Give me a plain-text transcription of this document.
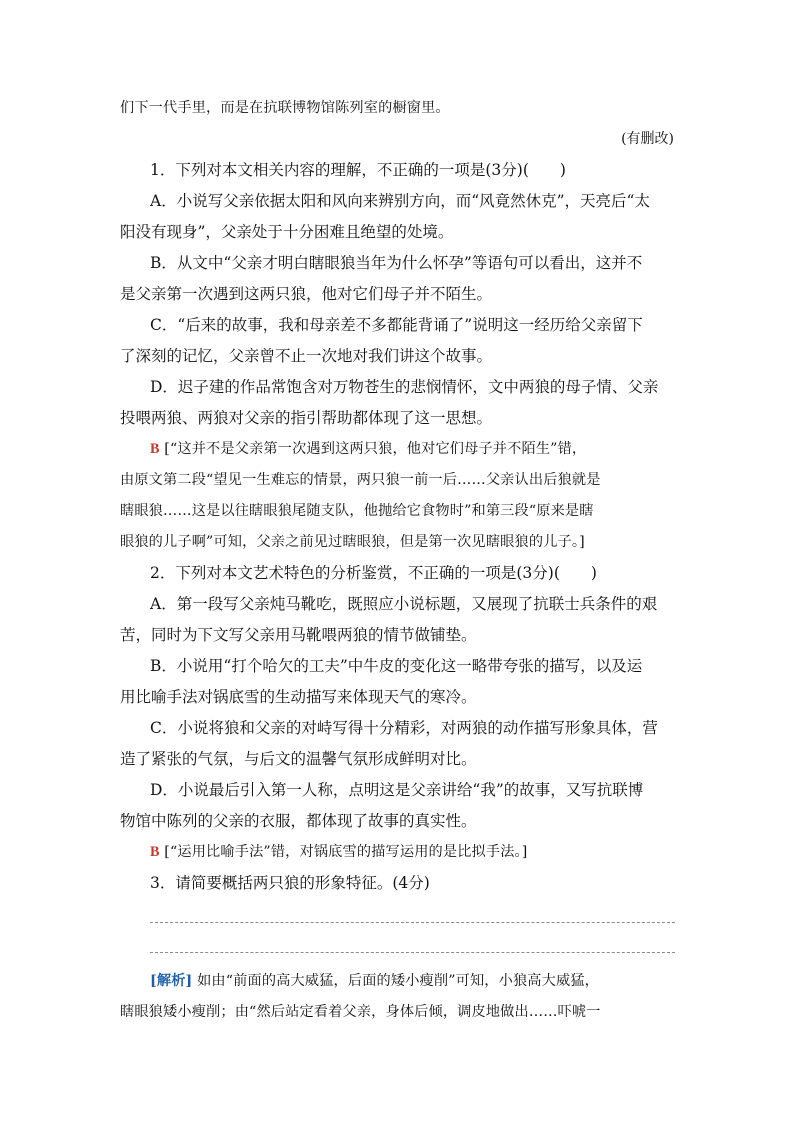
们下一代手里，而是在抗联博物馆陈列室的橱窗里。
(有删改)
1．下列对本文相关内容的理解，不正确的一项是(3分)(　　)
A．小说写父亲依据太阳和风向来辨别方向，而“风竟然休克”，天亮后“太
阳没有现身”，父亲处于十分困难且绝望的处境。
B．从文中“父亲才明白瞎眼狼当年为什么怀孕”等语句可以看出，这并不
是父亲第一次遇到这两只狼，他对它们母子并不陌生。
C．“后来的故事，我和母亲差不多都能背诵了”说明这一经历给父亲留下
了深刻的记忆，父亲曾不止一次地对我们讲这个故事。
D．迟子建的作品常饱含对万物苍生的悲悯情怀，文中两狼的母子情、父亲
投喂两狼、两狼对父亲的指引帮助都体现了这一思想。
B [“这并不是父亲第一次遇到这两只狼，他对它们母子并不陌生”错，
由原文第二段“望见一生难忘的情景，两只狼一前一后……父亲认出后狼就是
瞎眼狼……这是以往瞎眼狼尾随支队，他抛给它食物时”和第三段“原来是瞎
眼狼的儿子啊”可知，父亲之前见过瞎眼狼，但是第一次见瞎眼狼的儿子。]
2．下列对本文艺术特色的分析鉴赏，不正确的一项是(3分)(　　)
A．第一段写父亲炖马靴吃，既照应小说标题，又展现了抗联士兵条件的艰
苦，同时为下文写父亲用马靴喂两狼的情节做铺垫。
B．小说用“打个哈欠的工夫”中牛皮的变化这一略带夸张的描写，以及运
用比喻手法对锅底雪的生动描写来体现天气的寒冷。
C．小说将狼和父亲的对峙写得十分精彩，对两狼的动作描写形象具体，营
造了紧张的气氛，与后文的温馨气氛形成鲜明对比。
D．小说最后引入第一人称，点明这是父亲讲给“我”的故事，又写抗联博
物馆中陈列的父亲的衣服，都体现了故事的真实性。
B [“运用比喻手法”错，对锅底雪的描写运用的是比拟手法。]
3．请简要概括两只狼的形象特征。(4分)
[解析] 如由“前面的高大威猛，后面的矮小瘦削”可知，小狼高大威猛，
瞎眼狼矮小瘦削；由“然后站定看着父亲，身体后倾，调皮地做出……吓唬一
